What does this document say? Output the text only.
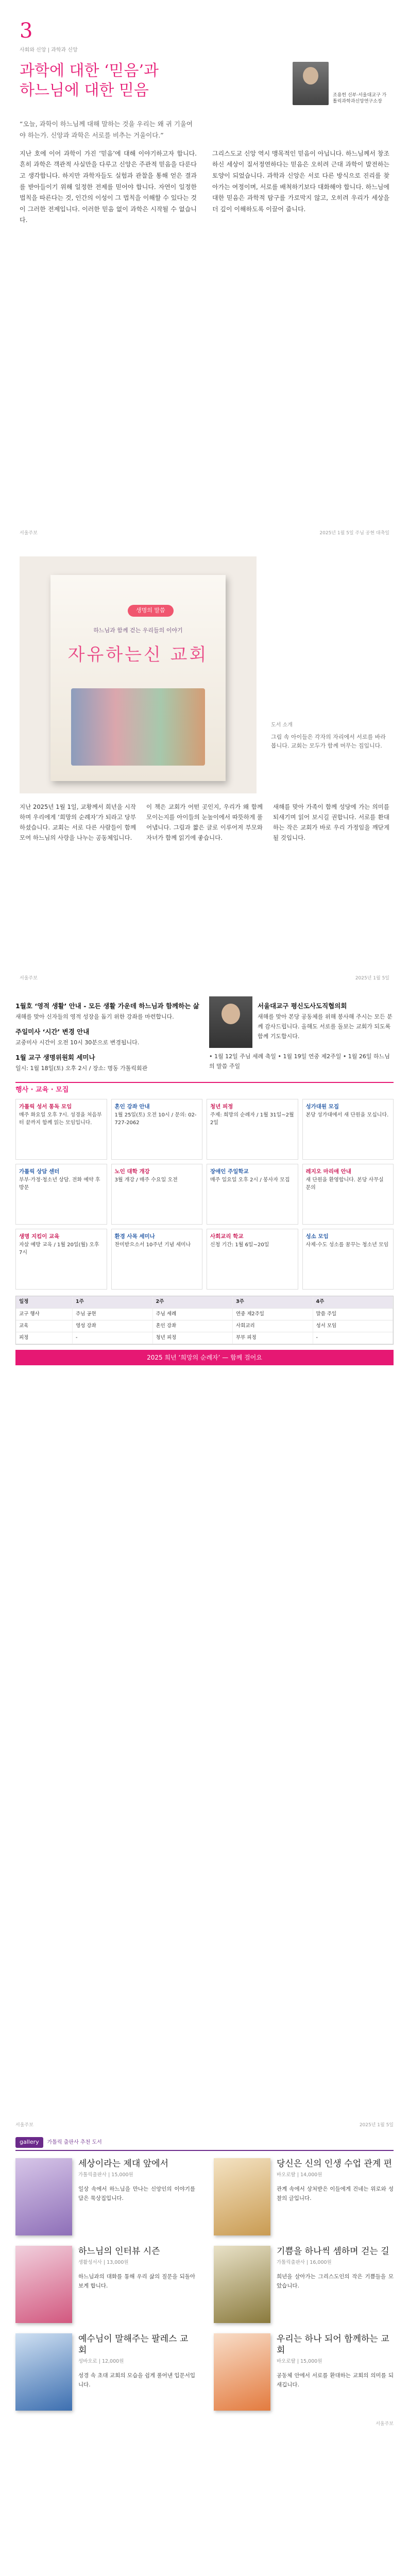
3
사회와 신앙 | 과학과 신앙
과학에 대한 ‘믿음’과
하느님에 대한 믿음	조용헌 신부·서울대교구 가톨릭과학과신앙연구소장

“오늘, 과학이 하느님께 대해 말하는 것을 우리는 왜 귀 기울여야 하는가. 신앙과 과학은 서로를 비추는 거울이다.”

지난 호에 이어 과학이 가진 ‘믿음’에 대해 이야기하고자 합니다. 흔히 과학은 객관적 사실만을 다루고 신앙은 주관적 믿음을 다룬다고 생각합니다. 하지만 과학자들도 실험과 관찰을 통해 얻은 결과를 받아들이기 위해 일정한 전제를 믿어야 합니다. 자연이 일정한 법칙을 따른다는 것, 인간의 이성이 그 법칙을 이해할 수 있다는 것이 그러한 전제입니다. 이러한 믿음 없이 과학은 시작될 수 없습니다.
그리스도교 신앙 역시 맹목적인 믿음이 아닙니다. 하느님께서 창조하신 세상이 질서정연하다는 믿음은 오히려 근대 과학이 발전하는 토양이 되었습니다. 과학과 신앙은 서로 다른 방식으로 진리를 찾아가는 여정이며, 서로를 배척하기보다 대화해야 합니다. 하느님에 대한 믿음은 과학적 탐구를 가로막지 않고, 오히려 우리가 세상을 더 깊이 이해하도록 이끌어 줍니다.
서울주보	2025년 1월 5일 주님 공현 대축일
생명의 말씀
하느님과 함께 걷는 우리들의 이야기
자유하는신 교회
도서 소개
그림 속 아이들은 각자의 자리에서 서로를 바라봅니다. 교회는 모두가 함께 머무는 집입니다.
지난 2025년 1월 1일, 교황께서 희년을 시작하며 우리에게 ‘희망의 순례자’가 되라고 당부하셨습니다. 교회는 서로 다른 사람들이 함께 모여 하느님의 사랑을 나누는 공동체입니다.
이 책은 교회가 어떤 곳인지, 우리가 왜 함께 모이는지를 아이들의 눈높이에서 따뜻하게 풀어냅니다. 그림과 짧은 글로 이루어져 부모와 자녀가 함께 읽기에 좋습니다.
새해를 맞아 가족이 함께 성당에 가는 의미를 되새기며 읽어 보시길 권합니다. 서로를 환대하는 작은 교회가 바로 우리 가정임을 깨닫게 될 것입니다.
서울주보	2025년 1월 5일
1월호 ‘영적 생활’ 안내 - 모든 생활 가운데 하느님과 함께하는 삶

새해를 맞아 신자들의 영적 성장을 돕기 위한 강좌를 마련합니다.

주일미사 ‘시간’ 변경 안내

교중미사 시간이 오전 10시 30분으로 변경됩니다.

1월 교구 생명위원회 세미나

일시: 1월 18일(토) 오후 2시 / 장소: 명동 가톨릭회관

서울대교구 평신도사도직협의회

새해를 맞아 본당 공동체를 위해 봉사해 주시는 모든 분께 감사드립니다. 올해도 서로를 돌보는 교회가 되도록 함께 기도합시다.

• 1월 12일 주님 세례 축일 • 1월 19일 연중 제2주일 • 1월 26일 하느님의 말씀 주일

행사 · 교육 · 모집
가톨릭 성서 통독 모임
매주 화요일 오후 7시. 성경을 처음부터 끝까지 함께 읽는 모임입니다.
혼인 강좌 안내
1월 25일(토) 오전 10시 / 문의: 02-727-2062
청년 피정
주제: 희망의 순례자 / 1월 31일~2월 2일
성가대원 모집
본당 성가대에서 새 단원을 모십니다.
가톨릭 상담 센터
부부·가정·청소년 상담. 전화 예약 후 방문
노인 대학 개강
3월 개강 / 매주 수요일 오전
장애인 주일학교
매주 일요일 오후 2시 / 봉사자 모집
레지오 마리애 안내
새 단원을 환영합니다. 본당 사무실 문의
생명 지킴이 교육
자살 예방 교육 / 1월 20일(월) 오후 7시
환경 사목 세미나
찬미받으소서 10주년 기념 세미나
사회교리 학교
신청 기간: 1월 6일~20일
성소 모임
사제·수도 성소를 꿈꾸는 청소년 모임
일정	1주	2주	3주	4주
교구 행사	주님 공현	주님 세례	연중 제2주일	말씀 주일
교육	영성 강좌	혼인 강좌	사회교리	성서 모임
피정	-	청년 피정	부부 피정	-
2025 희년 ‘희망의 순례자’ — 함께 걸어요
서울주보	2025년 1월 5일
gallery	가톨릭 출판사 추천 도서
세상이라는 제대 앞에서
가톨릭출판사 | 15,000원
일상 속에서 하느님을 만나는 신앙인의 이야기를 담은 묵상집입니다.
당신은 신의 인생 수업 관계 편
바오로딸 | 14,000원
관계 속에서 상처받은 이들에게 건네는 위로와 성찰의 글입니다.
하느님의 인터뷰 시즌
생활성서사 | 13,000원
하느님과의 대화를 통해 우리 삶의 질문을 되돌아보게 합니다.
기쁨을 하나씩 셈하며 걷는 길
가톨릭출판사 | 16,000원
희년을 살아가는 그리스도인의 작은 기쁨들을 모았습니다.
예수님이 말해주는 팔레스 교회
성바오로 | 12,000원
성경 속 초대 교회의 모습을 쉽게 풀어낸 입문서입니다.
우리는 하나 되어 함께하는 교회
바오로딸 | 15,000원
공동체 안에서 서로를 환대하는 교회의 의미를 되새깁니다.
서울주보
